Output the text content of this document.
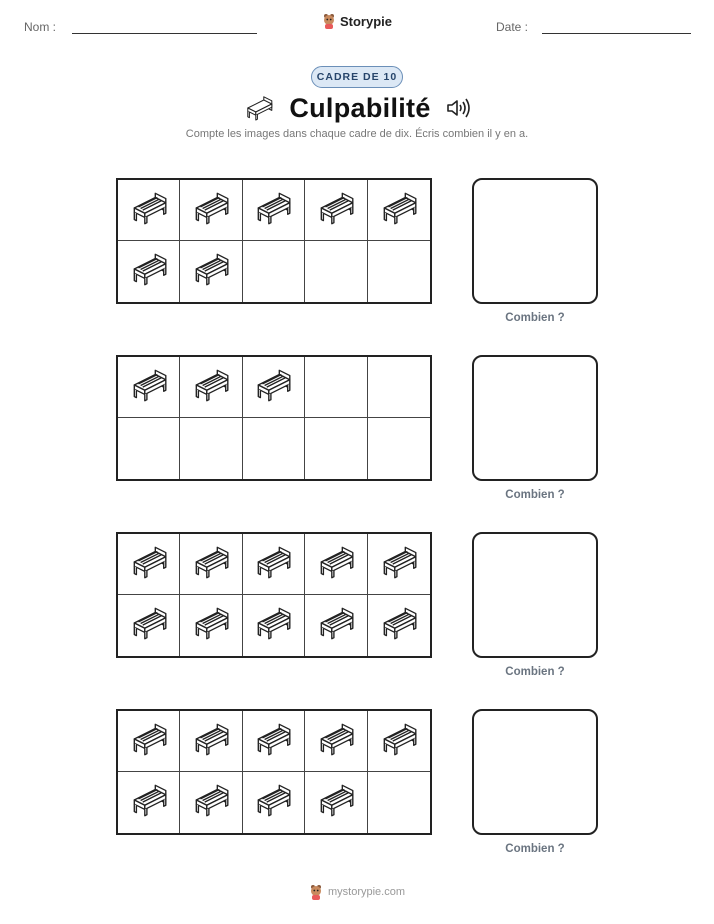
Nom :	Storypie	Date :
CADRE DE 10
Culpabilité
Compte les images dans chaque cadre de dix. Écris combien il y en a.
Combien ?
Combien ?
Combien ?
Combien ?
mystorypie.com
